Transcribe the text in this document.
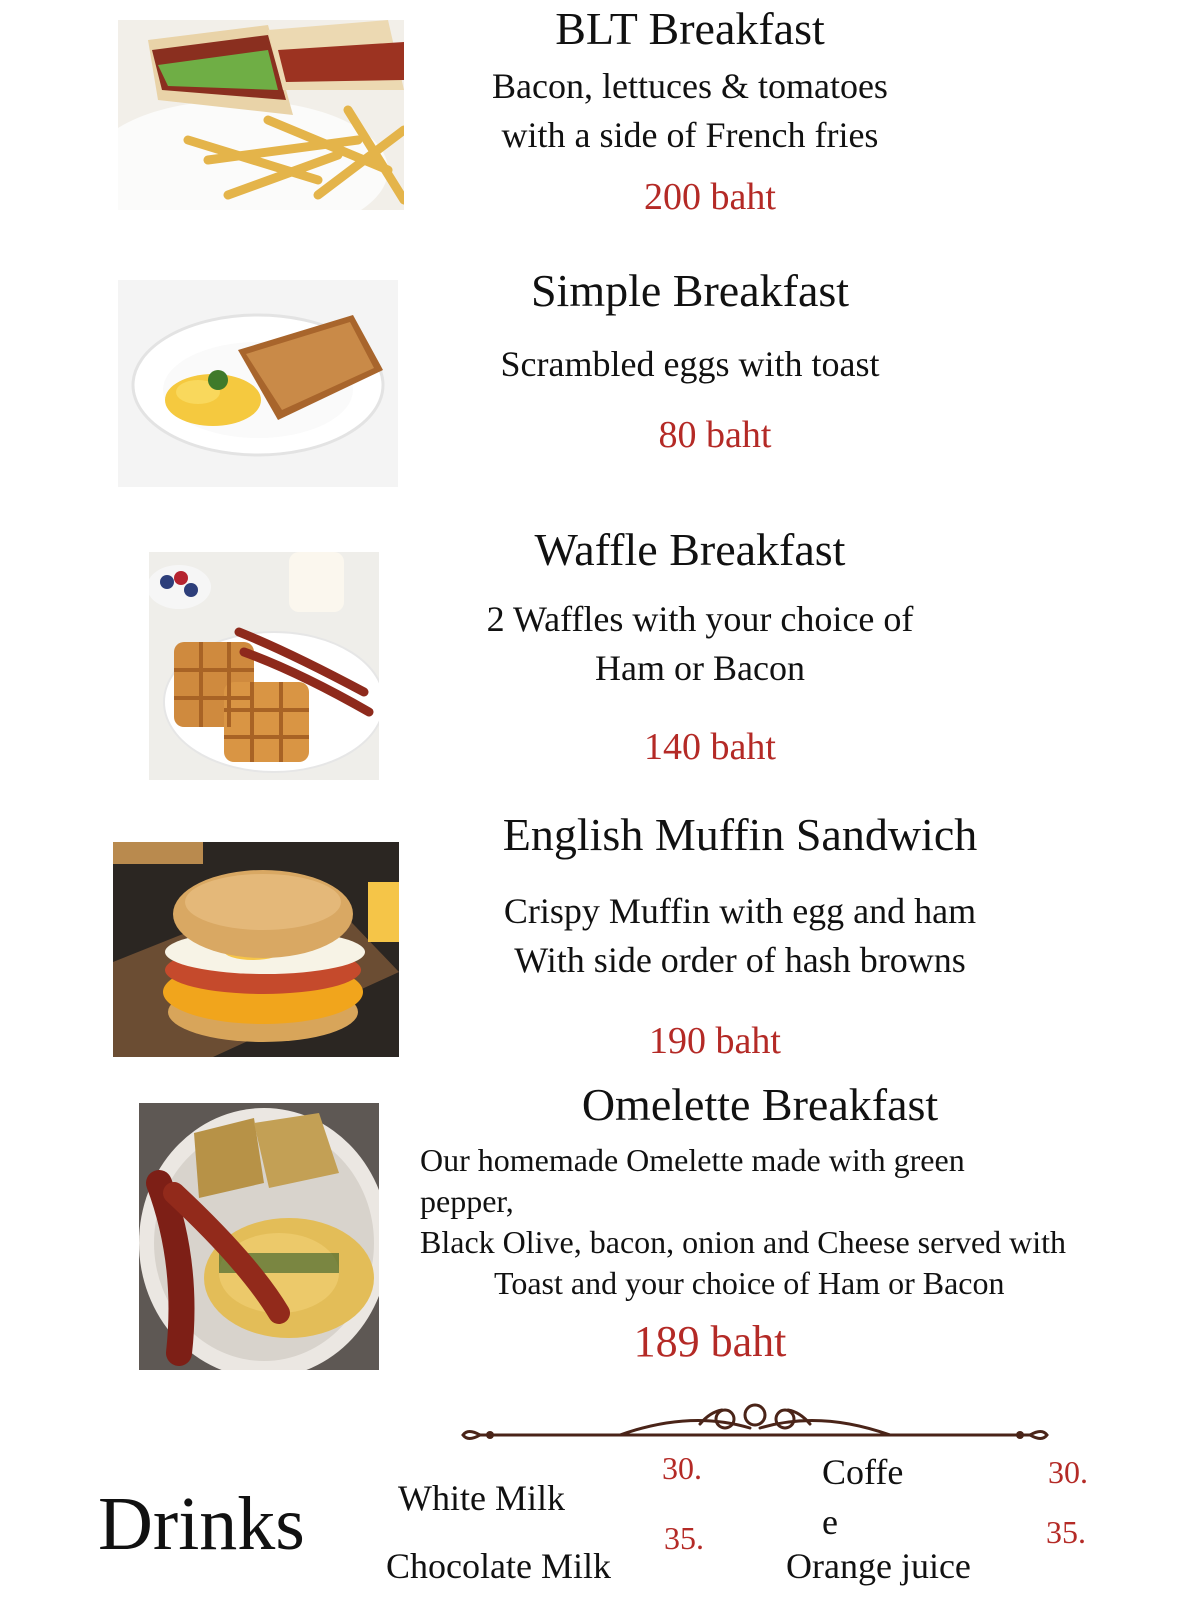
BLT Breakfast
Bacon, lettuces & tomatoes
with a side of French fries
200 baht
Simple Breakfast
Scrambled eggs with toast
80 baht
Waffle Breakfast
2 Waffles with your choice of
Ham or Bacon
140 baht
English Muffin Sandwich
Crispy Muffin with egg and ham
With side order of hash browns
190 baht
Omelette Breakfast
Our homemade Omelette made with green
pepper,
Black Olive, bacon, onion and Cheese served with
Toast and your choice of Ham or Bacon
189 baht
Drinks	White Milk
30.
Chocolate Milk
35.
Coffe
e
30.
Orange juice
35.
